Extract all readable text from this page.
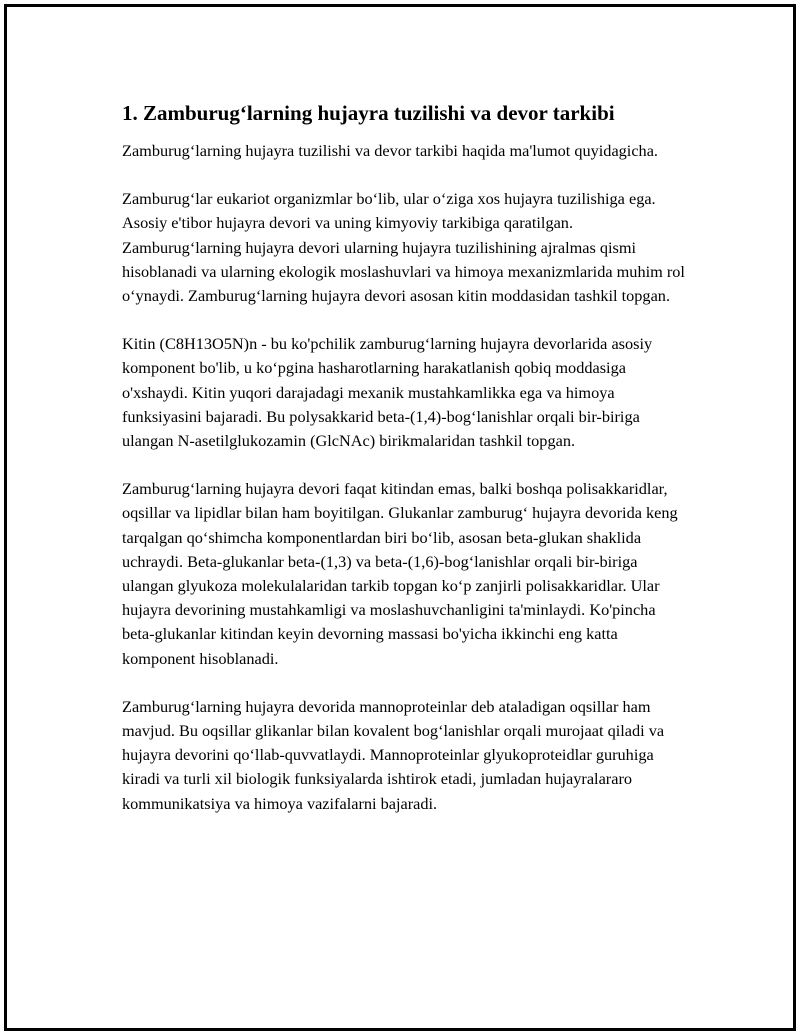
1. Zamburug‘larning hujayra tuzilishi va devor tarkibi

Zamburug‘larning hujayra tuzilishi va devor tarkibi haqida ma'lumot quyidagicha.

Zamburug‘lar eukariot organizmlar bo‘lib, ular o‘ziga xos hujayra tuzilishiga ega. Asosiy e'tibor hujayra devori va uning kimyoviy tarkibiga qaratilgan. Zamburug‘larning hujayra devori ularning hujayra tuzilishining ajralmas qismi hisoblanadi va ularning ekologik moslashuvlari va himoya mexanizmlarida muhim rol o‘ynaydi. Zamburug‘larning hujayra devori asosan kitin moddasidan tashkil topgan.

Kitin (C8H13O5N)n - bu ko'pchilik zamburug‘larning hujayra devorlarida asosiy komponent bo'lib, u ko‘pgina hasharotlarning harakatlanish qobiq moddasiga o'xshaydi. Kitin yuqori darajadagi mexanik mustahkamlikka ega va himoya funksiyasini bajaradi. Bu polysakkarid beta-(1,4)-bog‘lanishlar orqali bir-biriga ulangan N-asetilglukozamin (GlcNAc) birikmalaridan tashkil topgan.

Zamburug‘larning hujayra devori faqat kitindan emas, balki boshqa polisakkaridlar, oqsillar va lipidlar bilan ham boyitilgan. Glukanlar zamburug‘ hujayra devorida keng tarqalgan qo‘shimcha komponentlardan biri bo‘lib, asosan beta-glukan shaklida uchraydi. Beta-glukanlar beta-(1,3) va beta-(1,6)-bog‘lanishlar orqali bir-biriga ulangan glyukoza molekulalaridan tarkib topgan ko‘p zanjirli polisakkaridlar. Ular hujayra devorining mustahkamligi va moslashuvchanligini ta'minlaydi. Ko'pincha beta-glukanlar kitindan keyin devorning massasi bo'yicha ikkinchi eng katta komponent hisoblanadi.

Zamburug‘larning hujayra devorida mannoproteinlar deb ataladigan oqsillar ham mavjud. Bu oqsillar glikanlar bilan kovalent bog‘lanishlar orqali murojaat qiladi va hujayra devorini qo‘llab-quvvatlaydi. Mannoproteinlar glyukoproteidlar guruhiga kiradi va turli xil biologik funksiyalarda ishtirok etadi, jumladan hujayralararo kommunikatsiya va himoya vazifalarni bajaradi.
